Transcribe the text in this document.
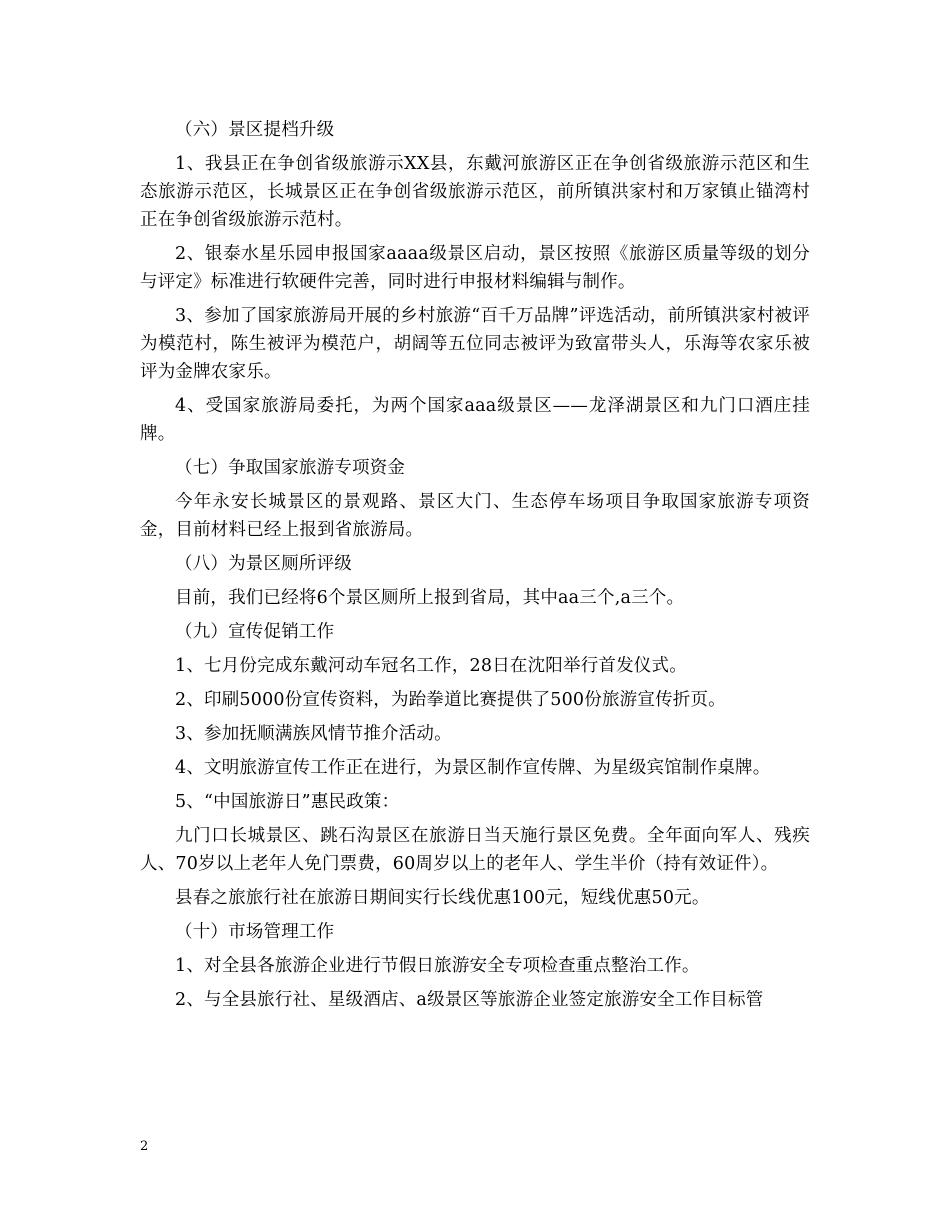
（六）景区提档升级

1、我县正在争创省级旅游示XX县，东戴河旅游区正在争创省级旅游示范区和生态旅游示范区，长城景区正在争创省级旅游示范区，前所镇洪家村和万家镇止锚湾村正在争创省级旅游示范村。

2、银泰水星乐园申报国家aaaa级景区启动，景区按照《旅游区质量等级的划分与评定》标准进行软硬件完善，同时进行申报材料编辑与制作。

3、参加了国家旅游局开展的乡村旅游“百千万品牌”评选活动，前所镇洪家村被评为模范村，陈生被评为模范户，胡阔等五位同志被评为致富带头人，乐海等农家乐被评为金牌农家乐。

4、受国家旅游局委托，为两个国家aaa级景区——龙泽湖景区和九门口酒庄挂牌。

（七）争取国家旅游专项资金

今年永安长城景区的景观路、景区大门、生态停车场项目争取国家旅游专项资金，目前材料已经上报到省旅游局。

（八）为景区厕所评级

目前，我们已经将6个景区厕所上报到省局，其中aa三个,a三个。

（九）宣传促销工作

1、七月份完成东戴河动车冠名工作，28日在沈阳举行首发仪式。

2、印刷5000份宣传资料，为跆拳道比赛提供了500份旅游宣传折页。

3、参加抚顺满族风情节推介活动。

4、文明旅游宣传工作正在进行，为景区制作宣传牌、为星级宾馆制作桌牌。

5、“中国旅游日”惠民政策：

九门口长城景区、跳石沟景区在旅游日当天施行景区免费。全年面向军人、残疾人、70岁以上老年人免门票费，60周岁以上的老年人、学生半价（持有效证件）。

县春之旅旅行社在旅游日期间实行长线优惠100元，短线优惠50元。

（十）市场管理工作

1、对全县各旅游企业进行节假日旅游安全专项检查重点整治工作。

2、与全县旅行社、星级酒店、a级景区等旅游企业签定旅游安全工作目标管

2
